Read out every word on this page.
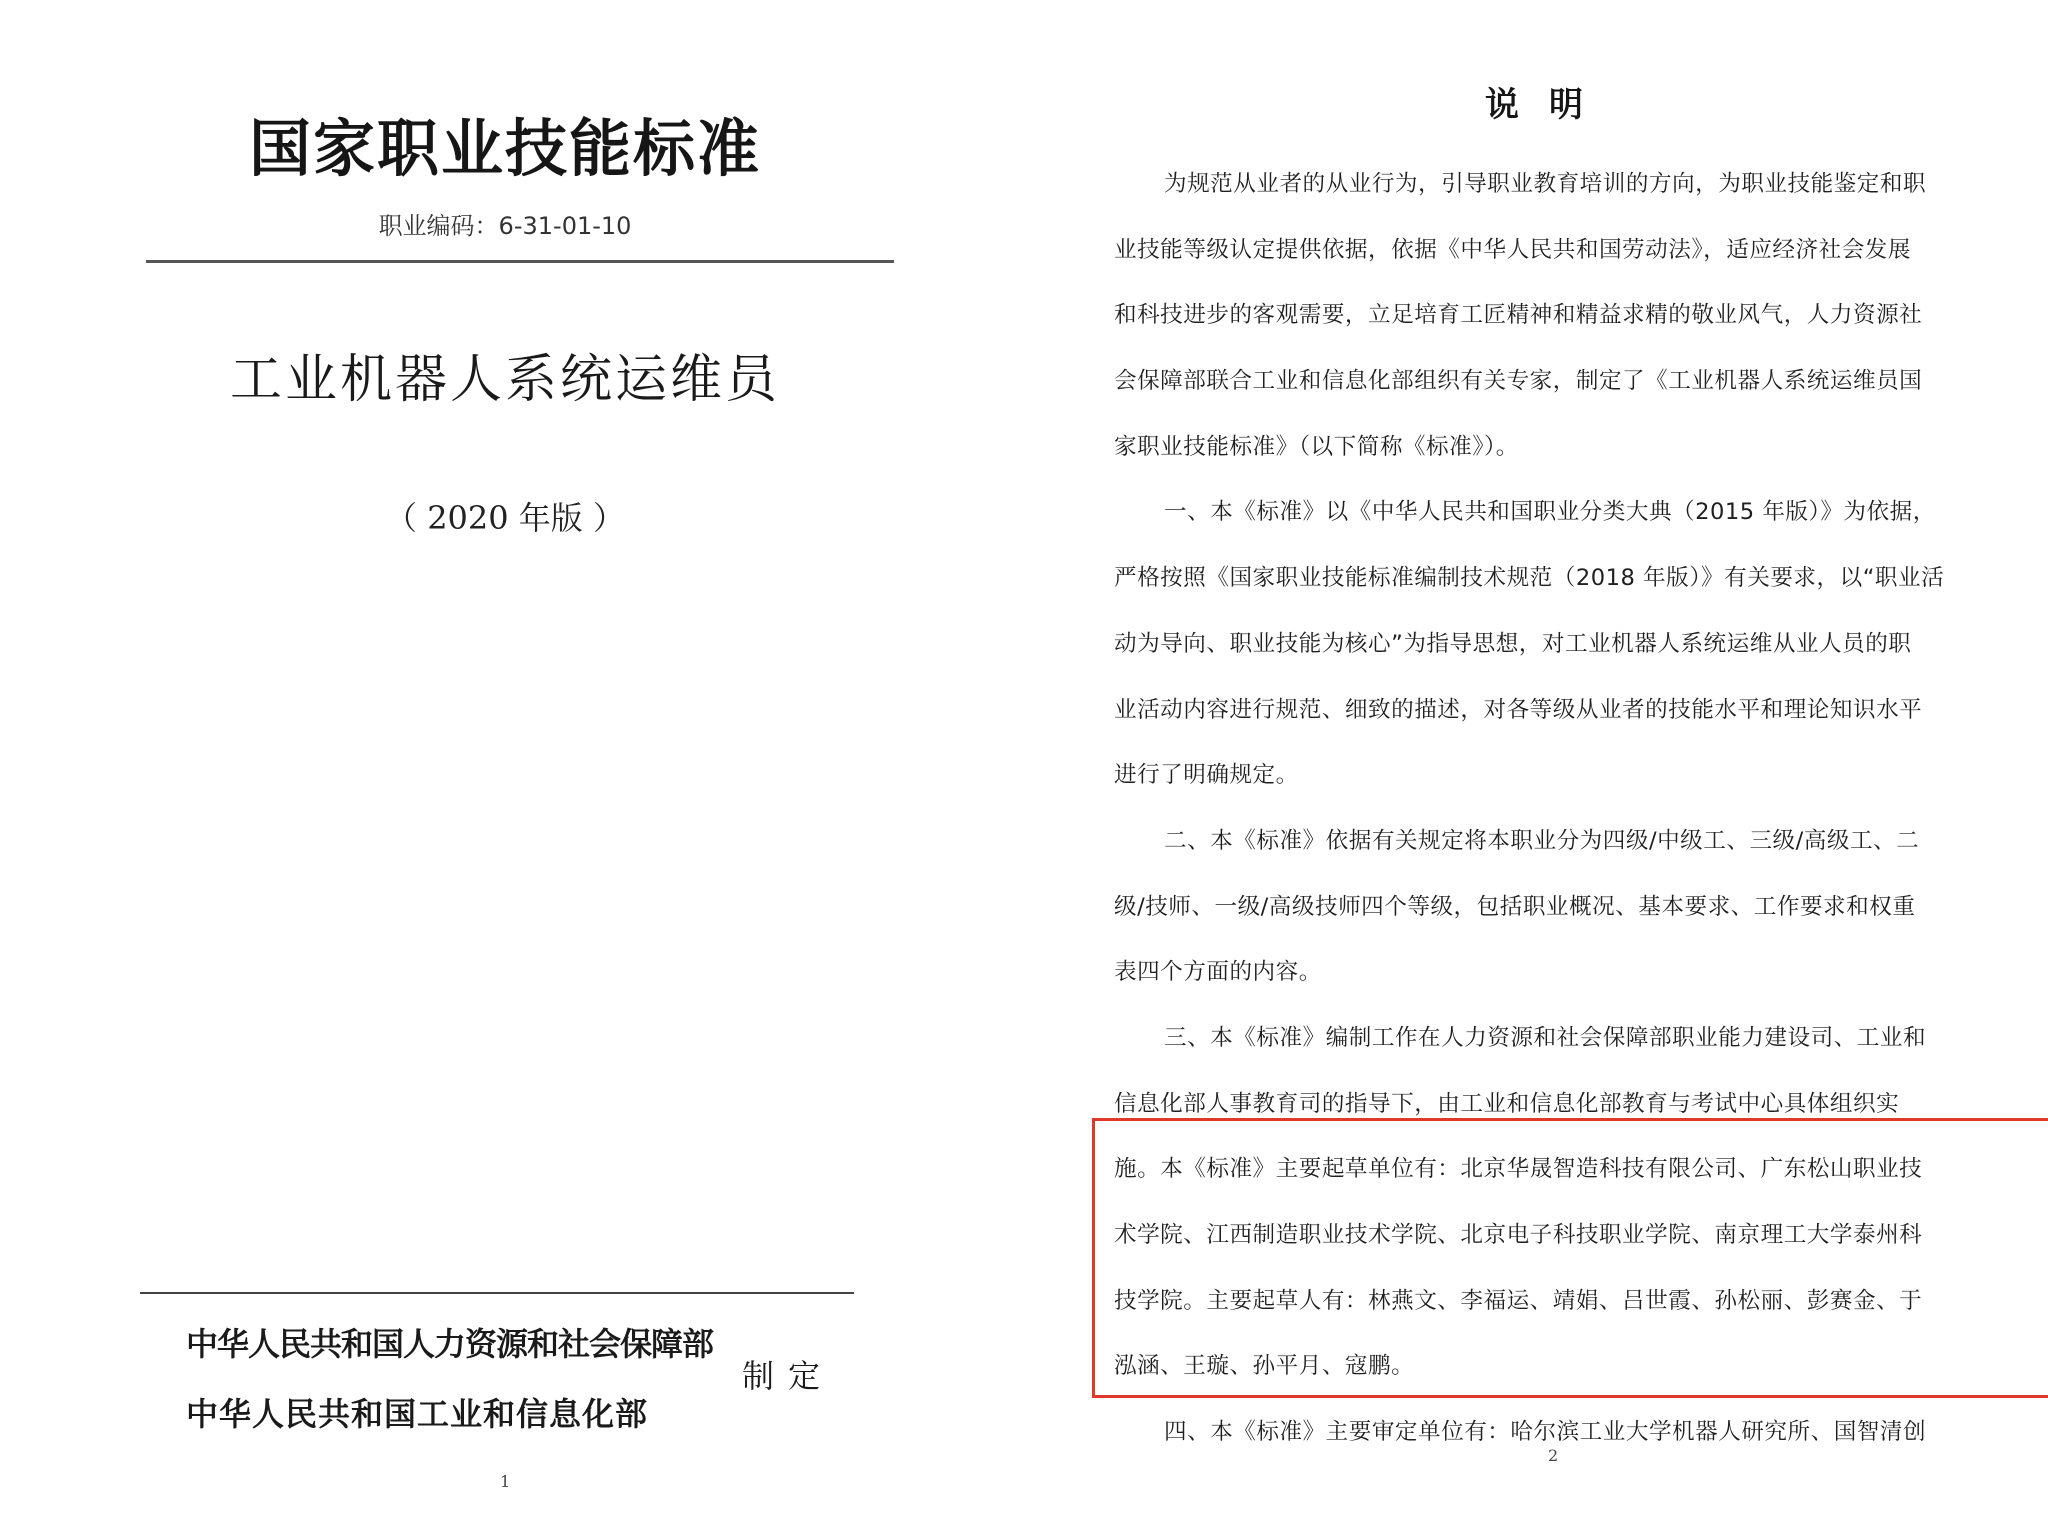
国家职业技能标准
职业编码：6-31-01-10
工业机器人系统运维员
（ 2020 年版 ）
中华人民共和国人力资源和社会保障部
中华人民共和国工业和信息化部
制定
1
说明
为规范从业者的从业行为，引导职业教育培训的方向，为职业技能鉴定和职
业技能等级认定提供依据，依据《中华人民共和国劳动法》，适应经济社会发展
和科技进步的客观需要，立足培育工匠精神和精益求精的敬业风气，人力资源社
会保障部联合工业和信息化部组织有关专家，制定了《工业机器人系统运维员国
家职业技能标准》（以下简称《标准》）。
一、本《标准》以《中华人民共和国职业分类大典（2015 年版）》为依据，
严格按照《国家职业技能标准编制技术规范（2018 年版）》有关要求，以“职业活
动为导向、职业技能为核心”为指导思想，对工业机器人系统运维从业人员的职
业活动内容进行规范、细致的描述，对各等级从业者的技能水平和理论知识水平
进行了明确规定。
二、本《标准》依据有关规定将本职业分为四级/中级工、三级/高级工、二
级/技师、一级/高级技师四个等级，包括职业概况、基本要求、工作要求和权重
表四个方面的内容。
三、本《标准》编制工作在人力资源和社会保障部职业能力建设司、工业和
信息化部人事教育司的指导下，由工业和信息化部教育与考试中心具体组织实
施。本《标准》主要起草单位有：北京华晟智造科技有限公司、广东松山职业技
术学院、江西制造职业技术学院、北京电子科技职业学院、南京理工大学泰州科
技学院。主要起草人有：林燕文、李福运、靖娟、吕世霞、孙松丽、彭赛金、于
泓涵、王璇、孙平月、寇鹏。
四、本《标准》主要审定单位有：哈尔滨工业大学机器人研究所、国智清创
2
